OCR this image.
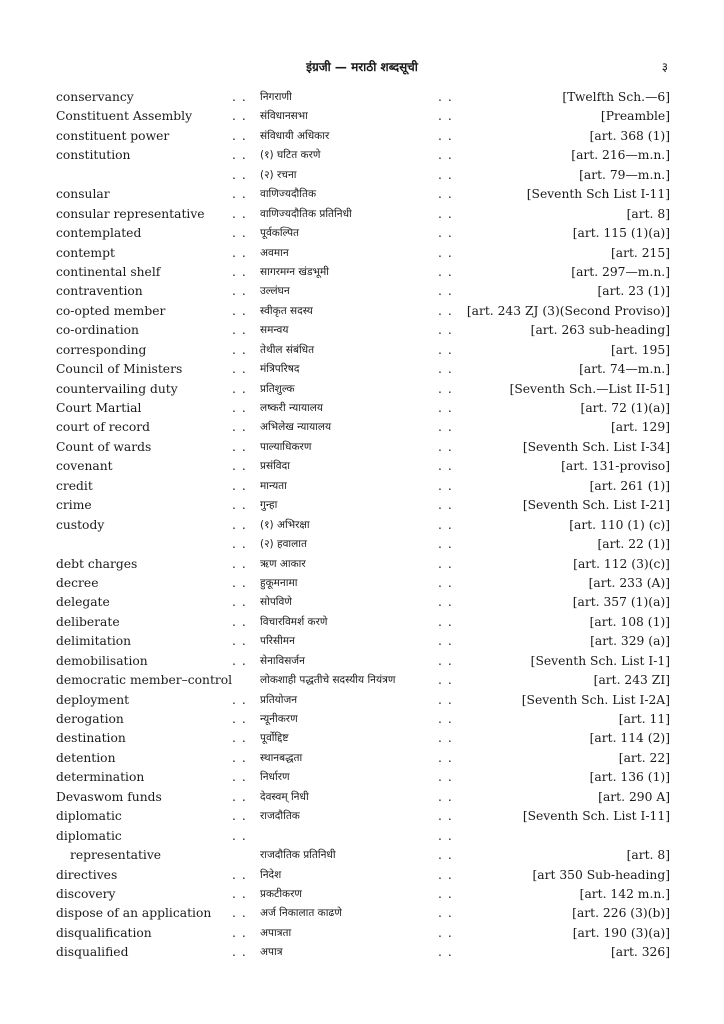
इंग्रजी — मराठी शब्दसूची	३
conservancy	. . निगराणी	. .	[Twelfth Sch.—6]
Constituent Assembly	. . संविधानसभा	. .	[Preamble]
constituent power	. . संविधायी अधिकार	. .	[art. 368 (1)]
constitution	. . (१) घटित करणे	. .	[art. 216—m.n.]
. . (२) रचना	. .	[art. 79—m.n.]
consular	. . वाणिज्यदौतिक	. .	[Seventh Sch List I-11]
consular representative . . वाणिज्यदौतिक प्रतिनिधी	. .	[art. 8]
contemplated	. . पूर्वकल्पित	. .	[art. 115 (1)(a)]
contempt	. . अवमान	. .	[art. 215]
continental shelf	. . सागरमग्न खंडभूमी	. .	[art. 297—m.n.]
contravention	. . उल्लंघन	. .	[art. 23 (1)]
co-opted member	. . स्वीकृत सदस्य	. . [art. 243 ZJ (3)(Second Proviso)]
co-ordination	. . समन्वय	. .	[art. 263 sub-heading]
corresponding	. . तेथील संबंधित	. .	[art. 195]
Council of Ministers	. . मंत्रिपरिषद	. .	[art. 74—m.n.]
countervailing duty	. . प्रतिशुल्क	. .	[Seventh Sch.—List II-51]
Court Martial	. . लष्करी न्यायालय	. .	[art. 72 (1)(a)]
court of record	. . अभिलेख न्यायालय	. .	[art. 129]
Count of wards	. . पाल्याधिकरण	. .	[Seventh Sch. List I-34]
covenant	. . प्रसंविदा	. .	[art. 131-proviso]
credit	. . मान्यता	. .	[art. 261 (1)]
crime	. . गुन्हा	. .	[Seventh Sch. List I-21]
custody	. . (१) अभिरक्षा	. .	[art. 110 (1) (c)]
. . (२) हवालात	. .	[art. 22 (1)]
debt charges	. . ऋण आकार	. .	[art. 112 (3)(c)]
decree	. . हुकूमनामा	. .	[art. 233 (A)]
delegate	. . सोपविणे	. .	[art. 357 (1)(a)]
deliberate	. . विचारविमर्श करणे	. .	[art. 108 (1)]
delimitation	. . परिसीमन	. .	[art. 329 (a)]
demobilisation	. . सेनाविसर्जन	. .	[Seventh Sch. List I-1]
democratic member–control	लोकशाही पद्धतीचे सदस्यीय नियंत्रण	. .	[art. 243 ZI]
deployment	. . प्रतियोजन	. .	[Seventh Sch. List I-2A]
derogation	. . न्यूनीकरण	. .	[art. 11]
destination	. . पूर्वोद्दिष्ट	. .	[art. 114 (2)]
detention	. . स्थानबद्धता	. .	[art. 22]
determination	. . निर्धारण	. .	[art. 136 (1)]
Devaswom funds	. . देवस्वम् निधी	. .	[art. 290 A]
diplomatic	. . राजदौतिक	. .	[Seventh Sch. List I-11]
diplomatic	. .	. .
representative	राजदौतिक प्रतिनिधी	. .	[art. 8]
directives	. . निदेश	. .	[art 350 Sub-heading]
discovery	. . प्रकटीकरण	. .	[art. 142 m.n.]
dispose of an application . . अर्ज निकालात काढणे	. .	[art. 226 (3)(b)]
disqualification	. . अपात्रता	. .	[art. 190 (3)(a)]
disqualified	. . अपात्र	. .	[art. 326]
